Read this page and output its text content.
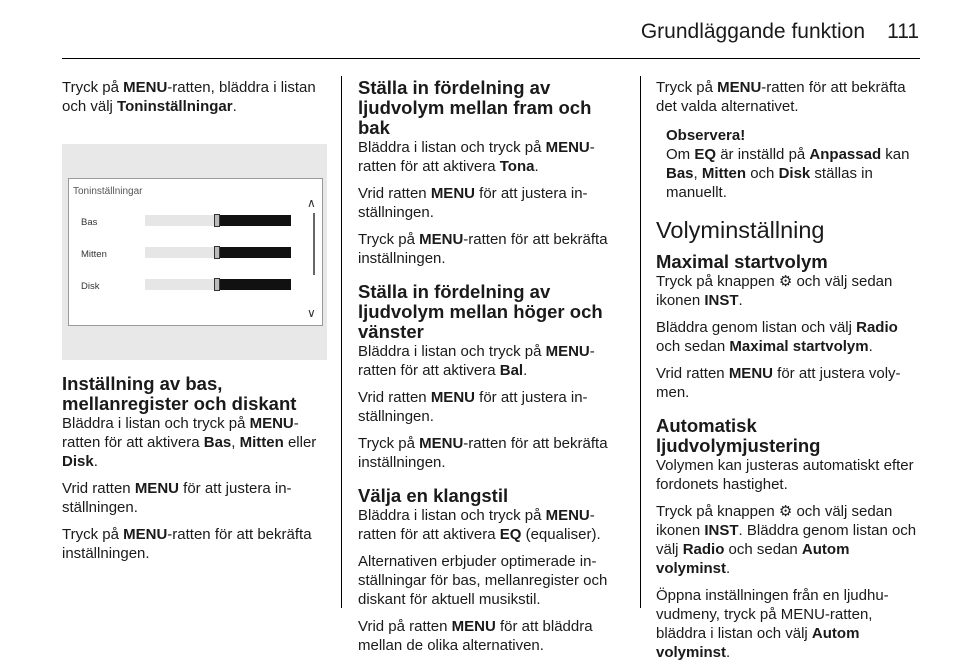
Grundläggande funktion 111

Tryck på MENU-ratten, bläddra i listan och välj Toninställningar.

Toninställningar
Bas
Mitten
Disk
∧
∨
Inställning av bas, mellanregister och diskant

Bläddra i listan och tryck på MENU-ratten för att aktivera Bas, Mitten eller Disk.

Vrid ratten MENU för att justera inställningen.

Tryck på MENU-ratten för att bekräfta inställningen.

Ställa in fördelning av ljudvolym mellan fram och bak

Bläddra i listan och tryck på MENU-ratten för att aktivera Tona.

Vrid ratten MENU för att justera inställningen.

Tryck på MENU-ratten för att bekräfta inställningen.

Ställa in fördelning av ljudvolym mellan höger och vänster

Bläddra i listan och tryck på MENU-ratten för att aktivera Bal.

Vrid ratten MENU för att justera inställningen.

Tryck på MENU-ratten för att bekräfta inställningen.

Välja en klangstil

Bläddra i listan och tryck på MENU-ratten för att aktivera EQ (equaliser).

Alternativen erbjuder optimerade inställningar för bas, mellanregister och diskant för aktuell musikstil.

Vrid på ratten MENU för att bläddra mellan de olika alternativen.

Tryck på MENU-ratten för att bekräfta det valda alternativet.

Observera!
Om EQ är inställd på Anpassad kan Bas, Mitten och Disk ställas in manuellt.
Volyminställning
Maximal startvolym

Tryck på knappen ⚙ och välj sedan ikonen INST.

Bläddra genom listan och välj Radio och sedan Maximal startvolym.

Vrid ratten MENU för att justera volymen.

Automatisk ljudvolymjustering

Volymen kan justeras automatiskt efter fordonets hastighet.

Tryck på knappen ⚙ och välj sedan ikonen INST. Bläddra genom listan och välj Radio och sedan Autom volyminst.

Öppna inställningen från en ljudhuvudmeny, tryck på MENU-ratten, bläddra i listan och välj Autom volyminst.
